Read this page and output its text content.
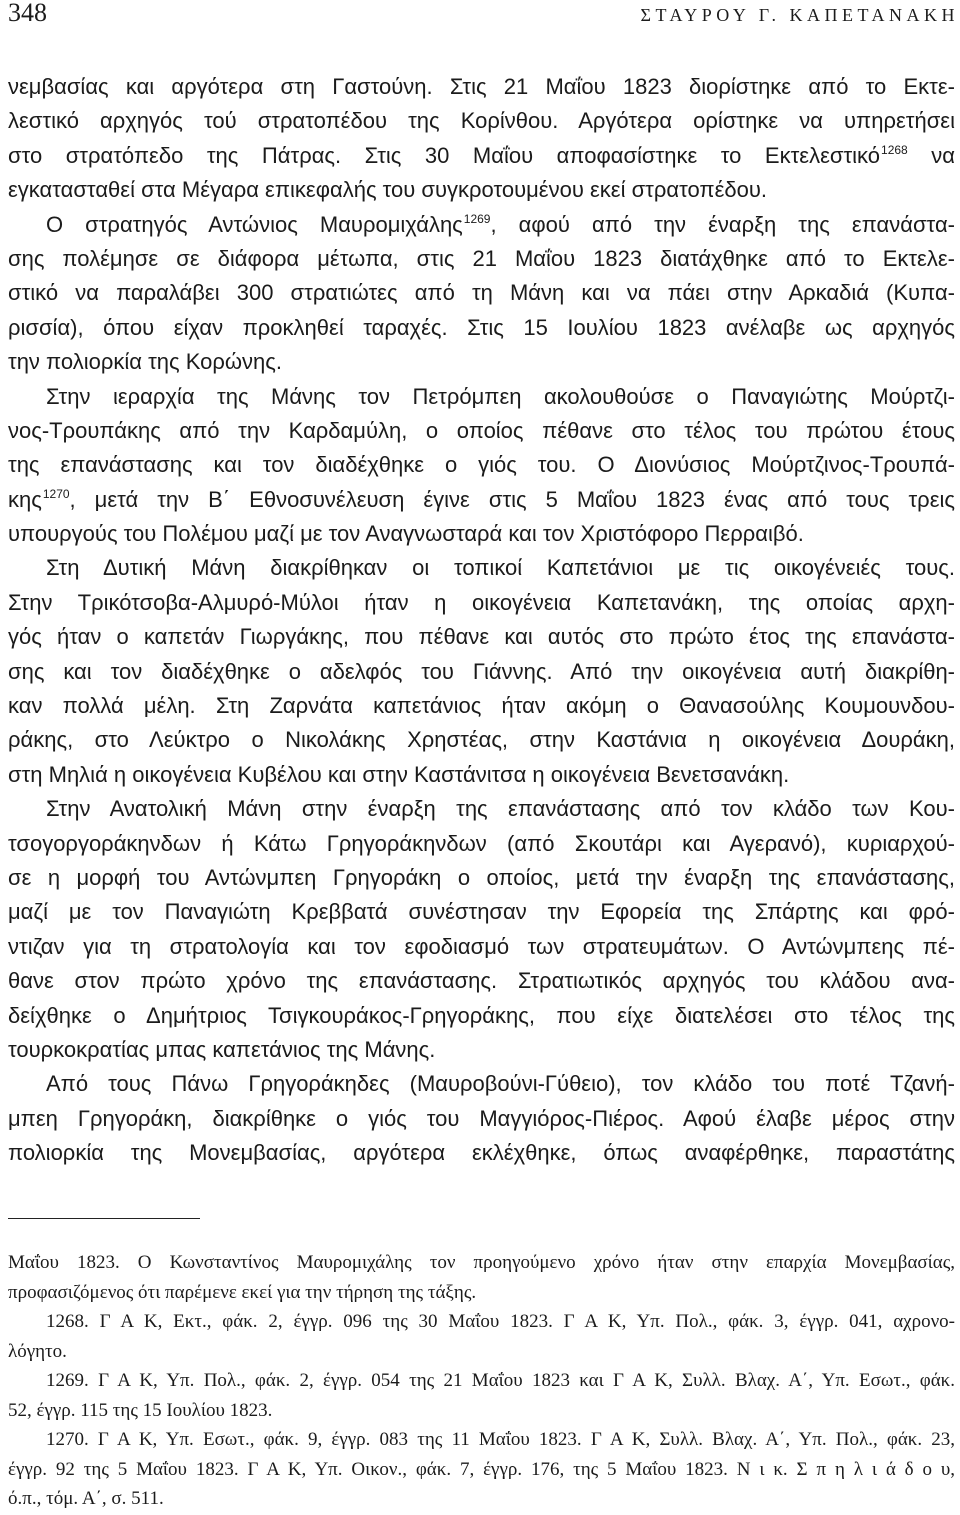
348	ΣΤΑΥΡΟΥ Γ. ΚΑΠΕΤΑΝΑΚΗ
νεμβασίας και αργότερα στη Γαστούνη. Στις 21 Μαΐου 1823 διορίστηκε από το Εκτε-
λεστικό αρχηγός τού στρατοπέδου της Κορίνθου. Αργότερα ορίστηκε να υπηρετήσει
στο στρατόπεδο της Πάτρας. Στις 30 Μαΐου αποφασίστηκε το Εκτελεστικό$^{1268}$ να
εγκατασταθεί στα Μέγαρα επικεφαλής του συγκροτουμένου εκεί στρατοπέδου.
Ο στρατηγός Αντώνιος Μαυρομιχάλης$^{1269}$, αφού από την έναρξη της επανάστα-
σης πολέμησε σε διάφορα μέτωπα, στις 21 Μαΐου 1823 διατάχθηκε από το Εκτελε-
στικό να παραλάβει 300 στρατιώτες από τη Μάνη και να πάει στην Αρκαδιά (Κυπα-
ρισσία), όπου είχαν προκληθεί ταραχές. Στις 15 Ιουλίου 1823 ανέλαβε ως αρχηγός
την πολιορκία της Κορώνης.
Στην ιεραρχία της Μάνης τον Πετρόμπεη ακολουθούσε ο Παναγιώτης Μούρτζι-
νος-Τρουπάκης από την Καρδαμύλη, ο οποίος πέθανε στο τέλος του πρώτου έτους
της επανάστασης και τον διαδέχθηκε ο γιός του. Ο Διονύσιος Μούρτζινος-Τρουπά-
κης$^{1270}$, μετά την Β΄ Εθνοσυνέλευση έγινε στις 5 Μαΐου 1823 ένας από τους τρεις
υπουργούς του Πολέμου μαζί με τον Αναγνωσταρά και τον Χριστόφορο Περραιβό.
Στη Δυτική Μάνη διακρίθηκαν οι τοπικοί Καπετάνιοι με τις οικογένειές τους.
Στην Τρικότσοβα-Αλμυρό-Μύλοι ήταν η οικογένεια Καπετανάκη, της οποίας αρχη-
γός ήταν ο καπετάν Γιωργάκης, που πέθανε και αυτός στο πρώτο έτος της επανάστα-
σης και τον διαδέχθηκε ο αδελφός του Γιάννης. Από την οικογένεια αυτή διακρίθη-
καν πολλά μέλη. Στη Ζαρνάτα καπετάνιος ήταν ακόμη ο Θανασούλης Κουμουνδου-
ράκης, στο Λεύκτρο ο Νικολάκης Χρηστέας, στην Καστάνια η οικογένεια Δουράκη,
στη Μηλιά η οικογένεια Κυβέλου και στην Καστάνιτσα η οικογένεια Βενετσανάκη.
Στην Ανατολική Μάνη στην έναρξη της επανάστασης από τον κλάδο των Κου-
τσογοργοράκηνδων ή Κάτω Γρηγοράκηνδων (από Σκουτάρι και Αγερανό), κυριαρχού-
σε η μορφή του Αντώνμπεη Γρηγοράκη ο οποίος, μετά την έναρξη της επανάστασης,
μαζί με τον Παναγιώτη Κρεββατά συνέστησαν την Εφορεία της Σπάρτης και φρό-
ντιζαν για τη στρατολογία και τον εφοδιασμό των στρατευμάτων. Ο Αντώνμπεης πέ-
θανε στον πρώτο χρόνο της επανάστασης. Στρατιωτικός αρχηγός του κλάδου ανα-
δείχθηκε ο Δημήτριος Τσιγκουράκος-Γρηγοράκης, που είχε διατελέσει στο τέλος της
τουρκοκρατίας μπας καπετάνιος της Μάνης.
Από τους Πάνω Γρηγοράκηδες (Μαυροβούνι-Γύθειο), τον κλάδο του ποτέ Τζανή-
μπεη Γρηγοράκη, διακρίθηκε ο γιός του Μαγγιόρος-Πιέρος. Αφού έλαβε μέρος στην
πολιορκία της Μονεμβασίας, αργότερα εκλέχθηκε, όπως αναφέρθηκε, παραστάτης
Μαΐου 1823. Ο Κωνσταντίνος Μαυρομιχάλης τον προηγούμενο χρόνο ήταν στην επαρχία Μονεμβασίας,
προφασιζόμενος ότι παρέμενε εκεί για την τήρηση της τάξης.
1268. Γ Α Κ, Εκτ., φάκ. 2, έγγρ. 096 της 30 Μαΐου 1823. Γ Α Κ, Υπ. Πολ., φάκ. 3, έγγρ. 041, αχρονο-
λόγητο.
1269. Γ Α Κ, Υπ. Πολ., φάκ. 2, έγγρ. 054 της 21 Μαΐου 1823 και Γ Α Κ, Συλλ. Βλαχ. Α΄, Υπ. Εσωτ., φάκ.
52, έγγρ. 115 της 15 Ιουλίου 1823.
1270. Γ Α Κ, Υπ. Εσωτ., φάκ. 9, έγγρ. 083 της 11 Μαΐου 1823. Γ Α Κ, Συλλ. Βλαχ. Α΄, Υπ. Πολ., φάκ. 23,
έγγρ. 92 της 5 Μαΐου 1823. Γ Α Κ, Υπ. Οικον., φάκ. 7, έγγρ. 176, της 5 Μαΐου 1823. Ν ι κ. Σ π η λ ι ά δ ο υ,
ό.π., τόμ. Α΄, σ. 511.
